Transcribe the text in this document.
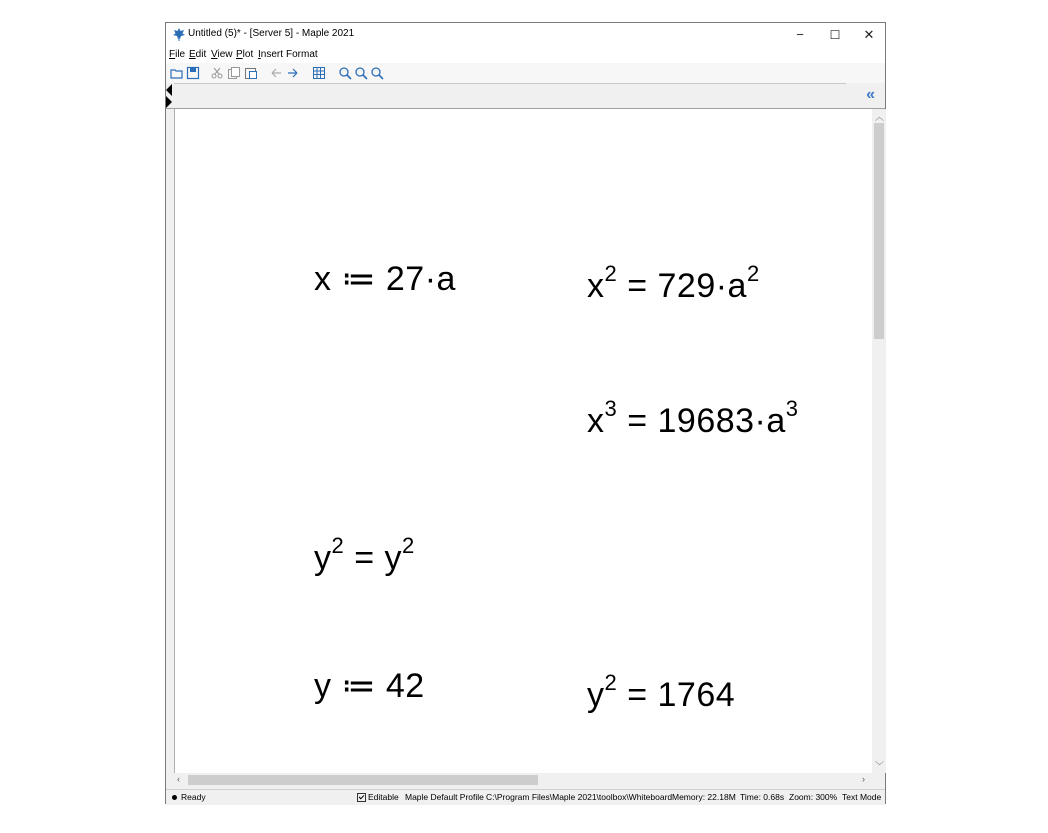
Untitled (5)* - [Server 5] - Maple 2021	−	☐	✕
File Edit View Plot Insert Format
«
x ≔ 27·a	$x^2 = 729\cdot a^2$
$x^3 = 19683\cdot a^3$
$y^2 = y^2$
y ≔ 42	$y^2 = 1764$
︿
﹀
‹	›
Ready	Editable Maple Default Profile C:\Program Files\Maple 2021\toolbox\Whiteboard Memory: 22.18M Time: 0.68s Zoom: 300% Text Mode
